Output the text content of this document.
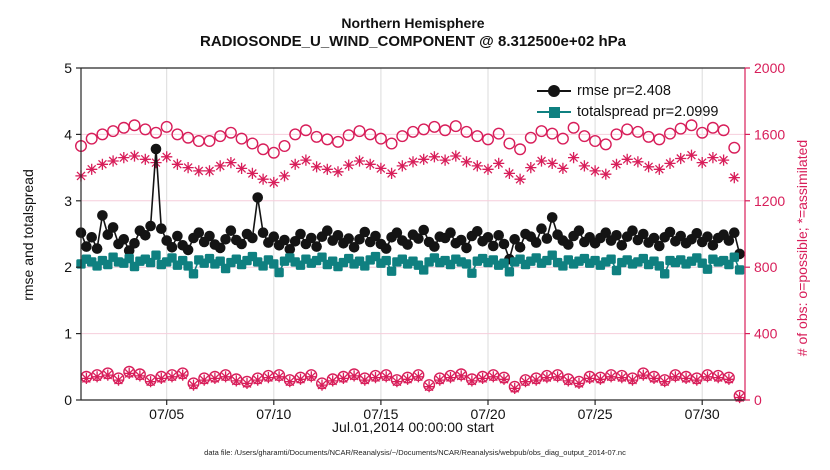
07/05	07/10	07/15	07/20	07/25	07/30
0
1
2
3
4
5
0
400
800
1200
1600
2000
Northern Hemisphere
RADIOSONDE_U_WIND_COMPONENT @ 8.312500e+02 hPa
rmse and totalspread	# of obs: o=possible; *=assimilated
Jul.01,2014 00:00:00 start
rmse pr=2.408
totalspread pr=2.0999
data file: /Users/gharamti/Documents/NCAR/Reanalysis/~/Documents/NCAR/Reanalysis/webpub/obs_diag_output_2014-07.nc
